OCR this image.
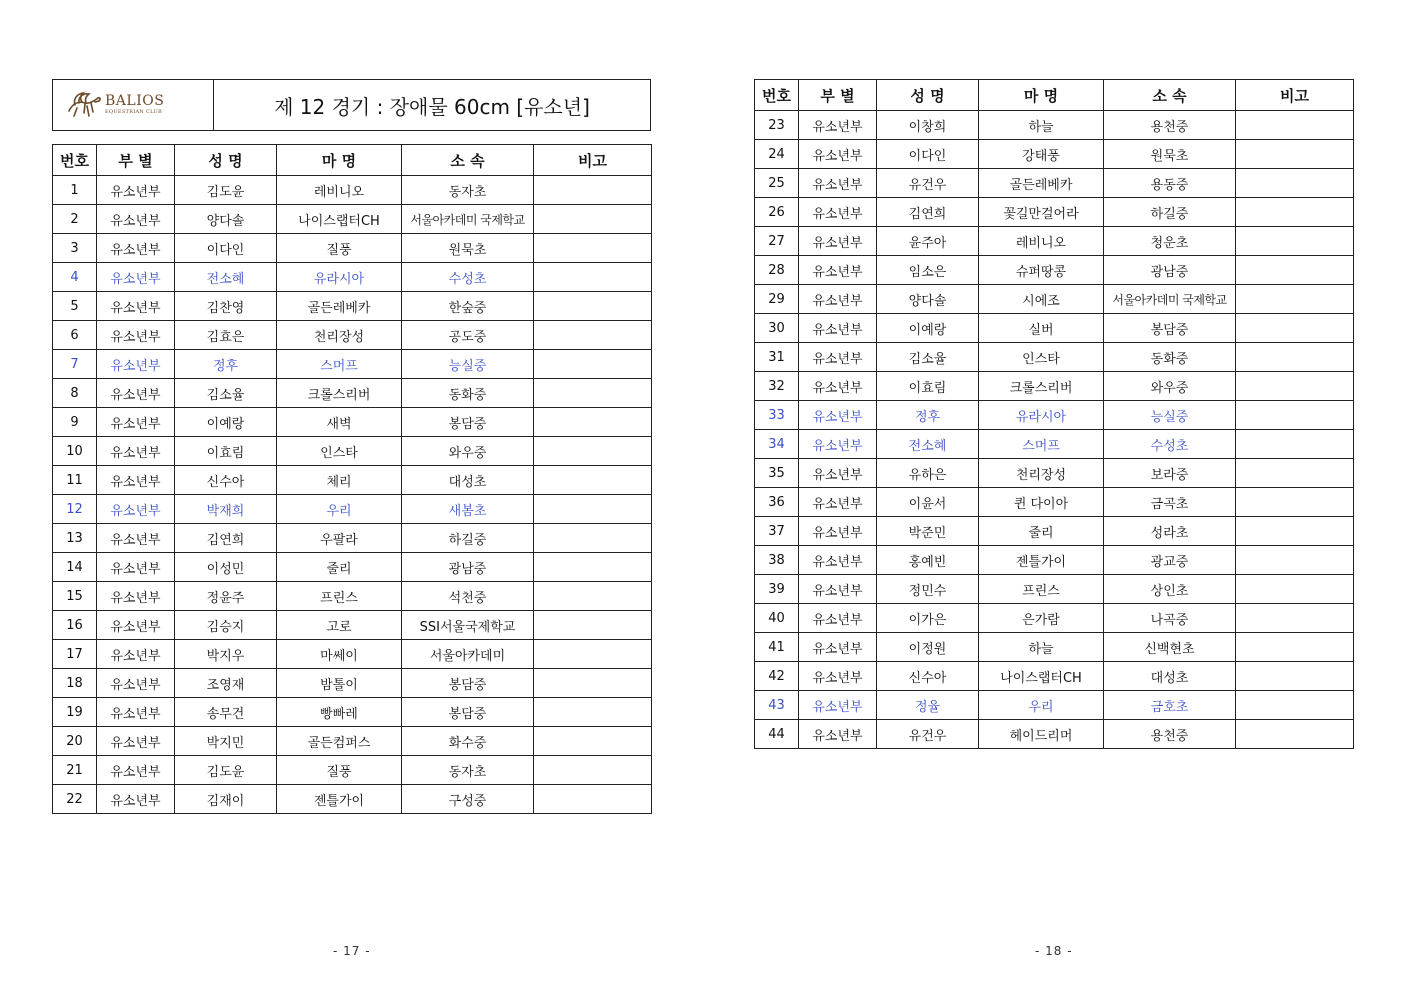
BALIOS
EQUESTRIAN CLUB	제 12 경기 : 장애물 60cm [유소년]
번호	부 별	성 명	마 명	소 속	비고
1	유소년부	김도윤	레비니오	동자초	
2	유소년부	양다솔	나이스랩터CH	서울아카데미 국제학교	
3	유소년부	이다인	질풍	원묵초	
4	유소년부	전소혜	유라시아	수성초	
5	유소년부	김찬영	골든레베카	한숲중	
6	유소년부	김효은	천리장성	공도중	
7	유소년부	정후	스머프	능실중	
8	유소년부	김소율	크롤스리버	동화중	
9	유소년부	이예랑	새벽	봉담중	
10	유소년부	이효림	인스타	와우중	
11	유소년부	신수아	체리	대성초	
12	유소년부	박재희	우리	새봄초	
13	유소년부	김연희	우팔라	하길중	
14	유소년부	이성민	줄리	광남중	
15	유소년부	정윤주	프린스	석천중	
16	유소년부	김승지	고로	SSI서울국제학교	
17	유소년부	박지우	마쎄이	서울아카데미	
18	유소년부	조영재	밤톨이	봉담중	
19	유소년부	송무건	빵빠레	봉담중	
20	유소년부	박지민	골든컴퍼스	화수중	
21	유소년부	김도윤	질풍	동자초	
22	유소년부	김재이	젠틀가이	구성중	
번호	부 별	성 명	마 명	소 속	비고
23	유소년부	이창희	하늘	용천중	
24	유소년부	이다인	강태풍	원묵초	
25	유소년부	유건우	골든레베카	용동중	
26	유소년부	김연희	꽃길만걸어라	하길중	
27	유소년부	윤주아	레비니오	청운초	
28	유소년부	임소은	슈퍼땅콩	광남중	
29	유소년부	양다솔	시에조	서울아카데미 국제학교	
30	유소년부	이예랑	실버	봉담중	
31	유소년부	김소율	인스타	동화중	
32	유소년부	이효림	크롤스리버	와우중	
33	유소년부	정후	유라시아	능실중	
34	유소년부	전소혜	스머프	수성초	
35	유소년부	유하은	천리장성	보라중	
36	유소년부	이윤서	퀸 다이아	금곡초	
37	유소년부	박준민	줄리	성라초	
38	유소년부	홍예빈	젠틀가이	광교중	
39	유소년부	정민수	프린스	상인초	
40	유소년부	이가은	은가람	나곡중	
41	유소년부	이정원	하늘	신백현초	
42	유소년부	신수아	나이스랩터CH	대성초	
43	유소년부	정율	우리	금호초	
44	유소년부	유건우	헤이드리머	용천중	
- 17 -	- 18 -
